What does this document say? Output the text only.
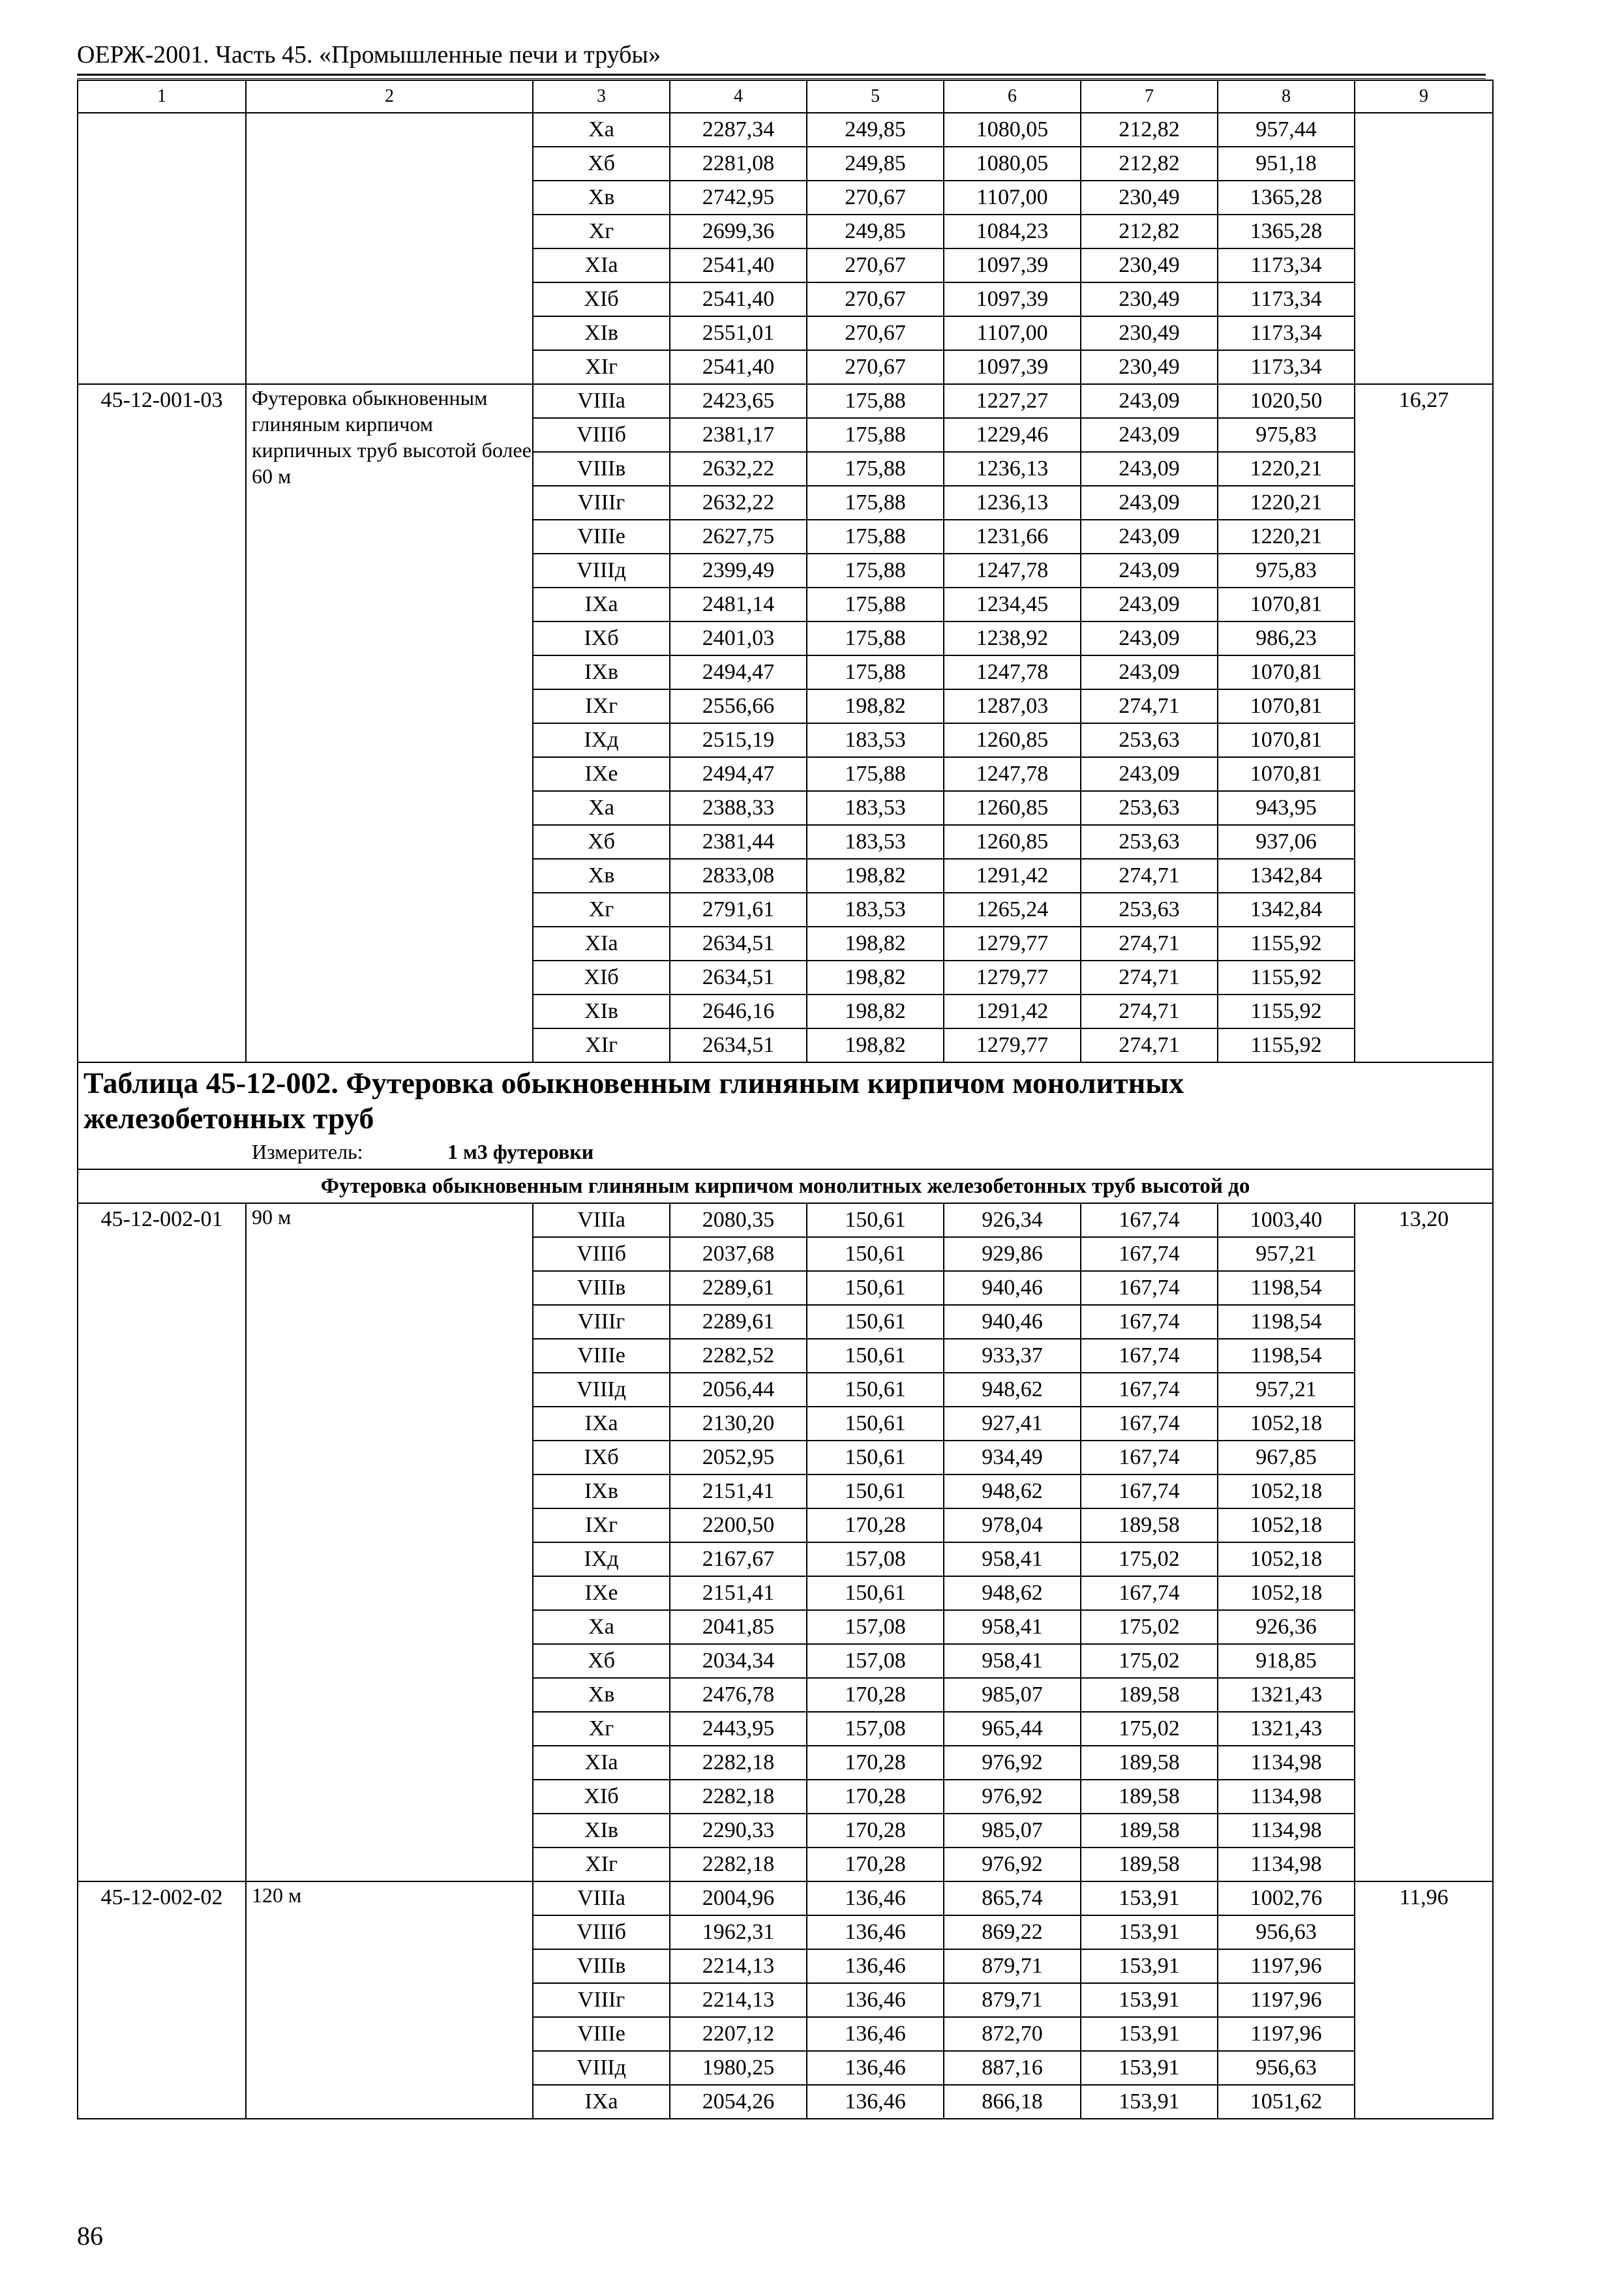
ОЕРЖ-2001. Часть 45. «Промышленные печи и трубы»
1	2	3	4	5	6	7	8	9
		Ха	2287,34	249,85	1080,05	212,82	957,44	
		Хб	2281,08	249,85	1080,05	212,82	951,18	
		Хв	2742,95	270,67	1107,00	230,49	1365,28	
		Хг	2699,36	249,85	1084,23	212,82	1365,28	
		ХIа	2541,40	270,67	1097,39	230,49	1173,34	
		ХIб	2541,40	270,67	1097,39	230,49	1173,34	
		ХIв	2551,01	270,67	1107,00	230,49	1173,34	
		ХIг	2541,40	270,67	1097,39	230,49	1173,34	
45-12-001-03	Футеровка обыкновенным глиняным кирпичом кирпичных труб высотой более 60 м	VIIIа	2423,65	175,88	1227,27	243,09	1020,50	16,27
		VIIIб	2381,17	175,88	1229,46	243,09	975,83	
		VIIIв	2632,22	175,88	1236,13	243,09	1220,21	
		VIIIг	2632,22	175,88	1236,13	243,09	1220,21	
		VIIIе	2627,75	175,88	1231,66	243,09	1220,21	
		VIIIд	2399,49	175,88	1247,78	243,09	975,83	
		IХа	2481,14	175,88	1234,45	243,09	1070,81	
		IХб	2401,03	175,88	1238,92	243,09	986,23	
		IХв	2494,47	175,88	1247,78	243,09	1070,81	
		IХг	2556,66	198,82	1287,03	274,71	1070,81	
		IХд	2515,19	183,53	1260,85	253,63	1070,81	
		IХе	2494,47	175,88	1247,78	243,09	1070,81	
		Ха	2388,33	183,53	1260,85	253,63	943,95	
		Хб	2381,44	183,53	1260,85	253,63	937,06	
		Хв	2833,08	198,82	1291,42	274,71	1342,84	
		Хг	2791,61	183,53	1265,24	253,63	1342,84	
		ХIа	2634,51	198,82	1279,77	274,71	1155,92	
		ХIб	2634,51	198,82	1279,77	274,71	1155,92	
		ХIв	2646,16	198,82	1291,42	274,71	1155,92	
		ХIг	2634,51	198,82	1279,77	274,71	1155,92	

Таблица 45-12-002. Футеровка обыкновенным глиняным кирпичом монолитных
железобетонных труб
Измеритель: 1 м3 футеровки								

Футеровка обыкновенным глиняным кирпичом монолитных железобетонных труб высотой до								
45-12-002-01	90 м	VIIIа	2080,35	150,61	926,34	167,74	1003,40	13,20
		VIIIб	2037,68	150,61	929,86	167,74	957,21	
		VIIIв	2289,61	150,61	940,46	167,74	1198,54	
		VIIIг	2289,61	150,61	940,46	167,74	1198,54	
		VIIIе	2282,52	150,61	933,37	167,74	1198,54	
		VIIIд	2056,44	150,61	948,62	167,74	957,21	
		IХа	2130,20	150,61	927,41	167,74	1052,18	
		IХб	2052,95	150,61	934,49	167,74	967,85	
		IХв	2151,41	150,61	948,62	167,74	1052,18	
		IХг	2200,50	170,28	978,04	189,58	1052,18	
		IХд	2167,67	157,08	958,41	175,02	1052,18	
		IХе	2151,41	150,61	948,62	167,74	1052,18	
		Ха	2041,85	157,08	958,41	175,02	926,36	
		Хб	2034,34	157,08	958,41	175,02	918,85	
		Хв	2476,78	170,28	985,07	189,58	1321,43	
		Хг	2443,95	157,08	965,44	175,02	1321,43	
		ХIа	2282,18	170,28	976,92	189,58	1134,98	
		ХIб	2282,18	170,28	976,92	189,58	1134,98	
		ХIв	2290,33	170,28	985,07	189,58	1134,98	
		ХIг	2282,18	170,28	976,92	189,58	1134,98	
45-12-002-02	120 м	VIIIа	2004,96	136,46	865,74	153,91	1002,76	11,96
		VIIIб	1962,31	136,46	869,22	153,91	956,63	
		VIIIв	2214,13	136,46	879,71	153,91	1197,96	
		VIIIг	2214,13	136,46	879,71	153,91	1197,96	
		VIIIе	2207,12	136,46	872,70	153,91	1197,96	
		VIIIд	1980,25	136,46	887,16	153,91	956,63	
		IХа	2054,26	136,46	866,18	153,91	1051,62	
86
